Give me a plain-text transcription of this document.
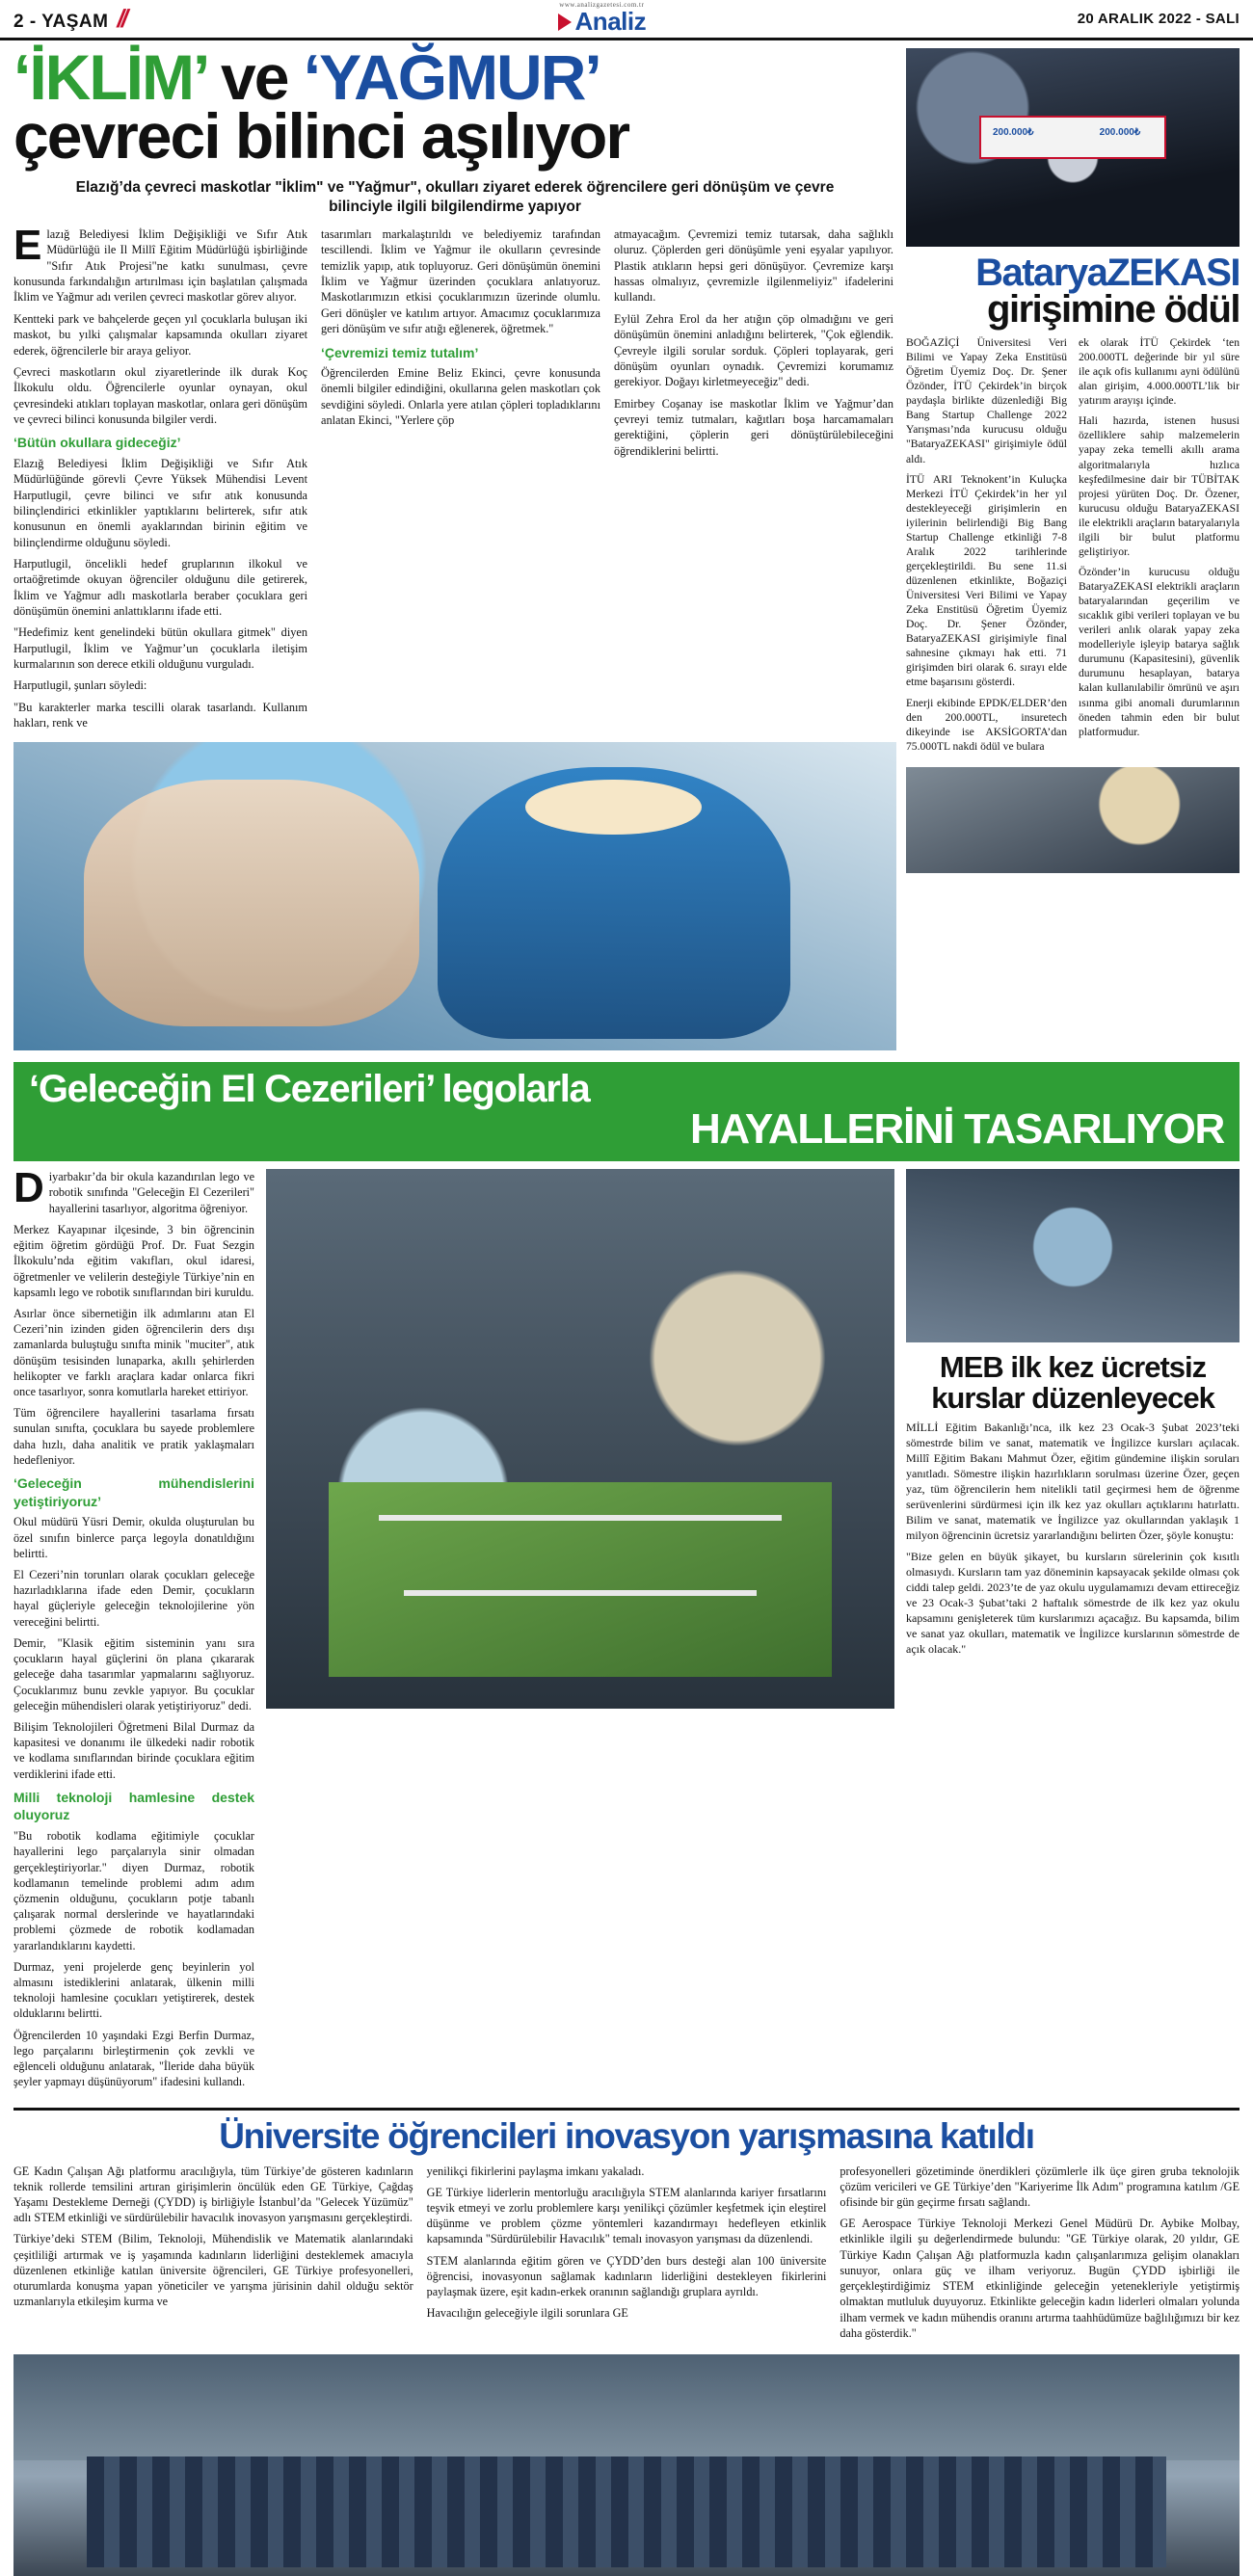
2 - YAŞAM //	www.analizgazetesi.com.tr
Analiz	20 ARALIK 2022 - SALI
‘İKLİM’ ve ‘YAĞMUR’
çevreci bilinci aşılıyor
Elazığ’da çevreci maskotlar "İklim" ve "Yağmur", okulları ziyaret ederek öğrencilere geri dönüşüm ve çevre bilinciyle ilgili bilgilendirme yapıyor

Elazığ Belediyesi İklim Değişikliği ve Sıfır Atık Müdürlüğü ile Il Millî Eğitim Müdürlüğü işbirliğinde "Sıfır Atık Projesi"ne katkı sunulması, çevre konusunda farkındalığın artırılması için başlatılan çalışmada İklim ve Yağmur adı verilen çevreci maskotlar görev alıyor.

Kentteki park ve bahçelerde geçen yıl çocuklarla buluşan iki maskot, bu yılki çalışmalar kapsamında okulları ziyaret ederek, öğrencilerle bir araya geliyor.

Çevreci maskotların okul ziyaretlerinde ilk durak Koç İlkokulu oldu. Öğrencilerle oyunlar oynayan, okul çevresindeki atıkları toplayan maskotlar, onlara geri dönüşüm ve çevreci bilinci konusunda bilgiler verdi.

‘Bütün okullara gideceğiz’

Elazığ Belediyesi İklim Değişikliği ve Sıfır Atık Müdürlüğünde görevli Çevre Yüksek Mühendisi Levent Harputlugil, çevre bilinci ve sıfır atık konusunda bilinçlendirici etkinlikler yaptıklarını belirterek, sıfır atık konusunun en önemli ayaklarından birinin eğitim ve bilinçlendirme olduğunu söyledi.

Harputlugil, öncelikli hedef gruplarının ilkokul ve ortaöğretimde okuyan öğrenciler olduğunu dile getirerek, İklim ve Yağmur adlı maskotlarla beraber çocuklara geri dönüşümün önemini anlattıklarını ifade etti.

"Hedefimiz kent genelindeki bütün okullara gitmek" diyen Harputlugil, İklim ve Yağmur’un çocuklarla iletişim kurmalarının son derece etkili olduğunu vurguladı.

Harputlugil, şunları söyledi:

"Bu karakterler marka tescilli olarak tasarlandı. Kullanım hakları, renk ve

tasarımları markalaştırıldı ve belediyemiz tarafından tescillendi. İklim ve Yağmur ile okulların çevresinde temizlik yapıp, atık topluyoruz. Geri dönüşümün önemini İklim ve Yağmur üzerinden çocuklara anlatıyoruz. Maskotlarımızın etkisi çocuklarımızın üzerinde olumlu. Geri dönüşler ve katılım artıyor. Amacımız çocuklarımıza geri dönüşüm ve sıfır atığı eğlenerek, öğretmek."

‘Çevremizi temiz tutalım’

Öğrencilerden Emine Beliz Ekinci, çevre konusunda önemli bilgiler edindiğini, okullarına gelen maskotları çok sevdiğini söyledi. Onlarla yere atılan çöpleri topladıklarını anlatan Ekinci, "Yerlere çöp

atmayacağım. Çevremizi temiz tutarsak, daha sağlıklı oluruz. Çöplerden geri dönüşümle yeni eşyalar yapılıyor. Plastik atıkların hepsi geri dönüşüyor. Çevremize karşı hassas olmalıyız, çevremizle ilgilenmeliyiz" ifadelerini kullandı.

Eylül Zehra Erol da her atığın çöp olmadığını ve geri dönüşümün önemini anladığını belirterek, "Çok eğlendik. Çevreyle ilgili sorular sorduk. Çöpleri toplayarak, geri dönüşüm oyunları oynadık. Çevremizi korumamız gerekiyor. Doğayı kirletmeyeceğiz" dedi.

Emirbey Coşanay ise maskotlar İklim ve Yağmur’dan çevreyi temiz tutmaları, kağıtları boşa harcamamaları gerektiğini, çöplerin geri dönüştürülebileceğini öğrendiklerini belirtti.

200.000₺	200.000₺
BataryaZEKASI
girişimine ödül

BOĞAZİÇİ Üniversitesi Veri Bilimi ve Yapay Zeka Enstitüsü Öğretim Üyemiz Doç. Dr. Şener Özönder, İTÜ Çekirdek’in birçok paydaşla birlikte düzenlediği Big Bang Startup Challenge 2022 Yarışması’nda kurucusu olduğu "BataryaZEKASI" girişimiyle ödül aldı.

İTÜ ARI Teknokent’in Kuluçka Merkezi İTÜ Çekirdek’in her yıl destekleyeceği girişimlerin en iyilerinin belirlendiği Big Bang Startup Challenge etkinliği 7-8 Aralık 2022 tarihlerinde gerçekleştirildi. Bu sene 11.si düzenlenen etkinlikte, Boğaziçi Üniversitesi Veri Bilimi ve Yapay Zeka Enstitüsü Öğretim Üyemiz Doç. Dr. Şener Özönder, BataryaZEKASI girişimiyle final sahnesine çıkmayı hak etti. 71 girişimden biri olarak 6. sırayı elde etme başarısını gösterdi.

Enerji ekibinde EPDK/ELDER’den den 200.000TL, insuretech dikeyinde ise AKSİGORTA’dan 75.000TL nakdi ödül ve bulara

ek olarak İTÜ Çekirdek ‘ten 200.000TL değerinde bir yıl süre ile açık ofis kullanımı ayni ödülünü alan girişim, 4.000.000TL’lik bir yatırım arayışı içinde.

Hali hazırda, istenen hususi özelliklere sahip malzemelerin yapay zeka temelli akıllı arama algoritmalarıyla hızlıca keşfedilmesine dair bir TÜBİTAK projesi yürüten Doç. Dr. Özener, kurucusu olduğu BataryaZEKASI ile elektrikli araçların bataryalarıyla ilgili bir bulut platformu geliştiriyor.

Özönder’in kurucusu olduğu BataryaZEKASI elektrikli araçların bataryalarından geçerilim ve sıcaklık gibi verileri toplayan ve bu verileri anlık olarak yapay zeka modelleriyle işleyip batarya sağlık durumunu (Kapasitesini), güvenlik durumunu hesaplayan, batarya kalan kullanılabilir ömrünü ve aşırı ısınma gibi anomali durumlarının öneden tahmin eden bir bulut platformudur.

‘Geleceğin El Cezerileri’ legolarla
HAYALLERİNİ TASARLIYOR

Diyarbakır’da bir okula kazandırılan lego ve robotik sınıfında "Geleceğin El Cezerileri" hayallerini tasarlıyor, algoritma öğreniyor.

Merkez Kayapınar ilçesinde, 3 bin öğrencinin eğitim öğretim gördüğü Prof. Dr. Fuat Sezgin İlkokulu’nda eğitim vakıfları, okul idaresi, öğretmenler ve velilerin desteğiyle Türkiye’nin en kapsamlı lego ve robotik sınıflarından biri kuruldu.

Asırlar önce sibernetiğin ilk adımlarını atan El Cezeri’nin izinden giden öğrencilerin ders dışı zamanlarda buluştuğu sınıfta minik "muciter", atık dönüşüm tesisinden lunaparka, akıllı şehirlerden helikopter ve farklı araçlara kadar onlarca fikri once tasarlıyor, sonra komutlarla hareket ettiriyor.

Tüm öğrencilere hayallerini tasarlama fırsatı sunulan sınıfta, çocuklara bu sayede problemlere daha hızlı, daha analitik ve pratik yaklaşmaları hedefleniyor.

‘Geleceğin mühendislerini yetiştiriyoruz’

Okul müdürü Yüsri Demir, okulda oluşturulan bu özel sınıfın binlerce parça legoyla donatıldığını belirtti.

El Cezeri’nin torunları olarak çocukları geleceğe hazırladıklarına ifade eden Demir, çocukların hayal güçleriyle geleceğin teknolojilerine yön vereceğini belirtti.

Demir, "Klasik eğitim sisteminin yanı sıra çocukların hayal güçlerini ön plana çıkararak geleceğe daha tasarımlar yapmalarını sağlıyoruz. Çocuklarımız bunu zevkle yapıyor. Bu çocuklar geleceğin mühendisleri olarak yetiştiriyoruz" dedi.

Bilişim Teknolojileri Öğretmeni Bilal Durmaz da kapasitesi ve donanımı ile ülkedeki nadir robotik ve kodlama sınıflarından birinde çocuklara eğitim verdiklerini ifade etti.

Milli teknoloji hamlesine destek oluyoruz

"Bu robotik kodlama eğitimiyle çocuklar hayallerini lego parçalarıyla sinir olmadan gerçekleştiriyorlar." diyen Durmaz, robotik kodlamanın temelinde problemi adım adım çözmenin olduğunu, çocukların potje tabanlı çalışarak normal derslerinde ve hayatlarındaki problemi çözmede de robotik kodlamadan yararlandıklarını kaydetti.

Durmaz, yeni projelerde genç beyinlerin yol almasını istediklerini anlatarak, ülkenin milli teknoloji hamlesine çocukları yetiştirerek, destek olduklarını belirtti.

Öğrencilerden 10 yaşındaki Ezgi Berfin Durmaz, lego parçalarını birleştirmenin çok zevkli ve eğlenceli olduğunu anlatarak, "İleride daha büyük şeyler yapmayı düşünüyorum" ifadesini kullandı.

MEB ilk kez ücretsiz kurslar düzenleyecek

MİLLİ Eğitim Bakanlığı’nca, ilk kez 23 Ocak-3 Şubat 2023’teki sömestrde bilim ve sanat, matematik ve İngilizce kursları açılacak. Millî Eğitim Bakanı Mahmut Özer, eğitim gündemine ilişkin soruları yanıtladı. Sömestre ilişkin hazırlıkların sorulması üzerine Özer, geçen yaz, tüm öğrencilerin hem nitelikli tatil geçirmesi hem de öğrenme serüvenlerini sürdürmesi için ilk kez yaz okulları açtıklarını hatırlattı. Bilim ve sanat, matematik ve İngilizce yaz okullarından yaklaşık 1 milyon öğrencinin ücretsiz yararlandığını belirten Özer, şöyle konuştu:

"Bize gelen en büyük şikayet, bu kursların sürelerinin çok kısıtlı olmasıydı. Kursların tam yaz döneminin kapsayacak şekilde olması çok ciddi talep geldi. 2023’te de yaz okulu uygulamamızı devam ettireceğiz ve 23 Ocak-3 Şubat’taki 2 haftalık sömestrde de ilk kez yaz okulu kapsamını genişleterek tüm kurslarımızı açacağız. Bu kapsamda, bilim ve sanat yaz okulları, matematik ve İngilizce kurslarının sömestrde de açık olacak."

Üniversite öğrencileri inovasyon yarışmasına katıldı

GE Kadın Çalışan Ağı platformu aracılığıyla, tüm Türkiye’de gösteren kadınların teknik rollerde temsilini artıran girişimlerin öncülük eden GE Türkiye, Çağdaş Yaşamı Destekleme Derneği (ÇYDD) iş birliğiyle İstanbul’da "Gelecek Yüzümüz" adlı STEM etkinliği ve sürdürülebilir havacılık inovasyon yarışmasını gerçekleştirdi.

Türkiye’deki STEM (Bilim, Teknoloji, Mühendislik ve Matematik alanlarındaki çeşitliliği artırmak ve iş yaşamında kadınların liderliğini desteklemek amacıyla düzenlenen etkinliğe katılan üniversite öğrencileri, GE Türkiye profesyonelleri, oturumlarda konuşma yapan yöneticiler ve yarışma jürisinin dahil olduğu sektör uzmanlarıyla etkileşim kurma ve

yenilikçi fikirlerini paylaşma imkanı yakaladı.

GE Türkiye liderlerin mentorluğu aracılığıyla STEM alanlarında kariyer fırsatlarını teşvik etmeyi ve zorlu problemlere karşı yenilikçi çözümler keşfetmek için eleştirel düşünme ve problem çözme yöntemleri kazandırmayı hedefleyen etkinlik kapsamında "Sürdürülebilir Havacılık" temalı inovasyon yarışması da düzenlendi.

STEM alanlarında eğitim gören ve ÇYDD’den burs desteği alan 100 üniversite öğrencisi, inovasyonun sağlamak kadınların liderliğini destekleyen fikirlerini paylaşmak üzere, eşit kadın-erkek oranının sağlandığı gruplara ayrıldı.

Havacılığın geleceğiyle ilgili sorunlara GE

profesyonelleri gözetiminde önerdikleri çözümlerle ilk üçe giren gruba teknolojik çözüm vericileri ve GE Türkiye’den "Kariyerime İlk Adım" programına katılım /GE ofisinde bir gün geçirme fırsatı sağlandı.

GE Aerospace Türkiye Teknoloji Merkezi Genel Müdürü Dr. Aybike Molbay, etkinlikle ilgili şu değerlendirmede bulundu: "GE Türkiye olarak, 20 yıldır, GE Türkiye Kadın Çalışan Ağı platformuzla kadın çalışanlarımıza gelişim olanakları sunuyor, onlara güç ve ilham veriyoruz. Bugün ÇYDD işbirliği ile gerçekleştirdiğimiz STEM etkinliğinde geleceğin yetenekleriyle yetiştirmiş olmaktan mutluluk duyuyoruz. Etkinlikte geleceğin kadın liderleri olmaları yolunda ilham vermek ve kadın mühendis oranını artırma taahhüdümüze bağlılığımızı bir kez daha gösterdik."
